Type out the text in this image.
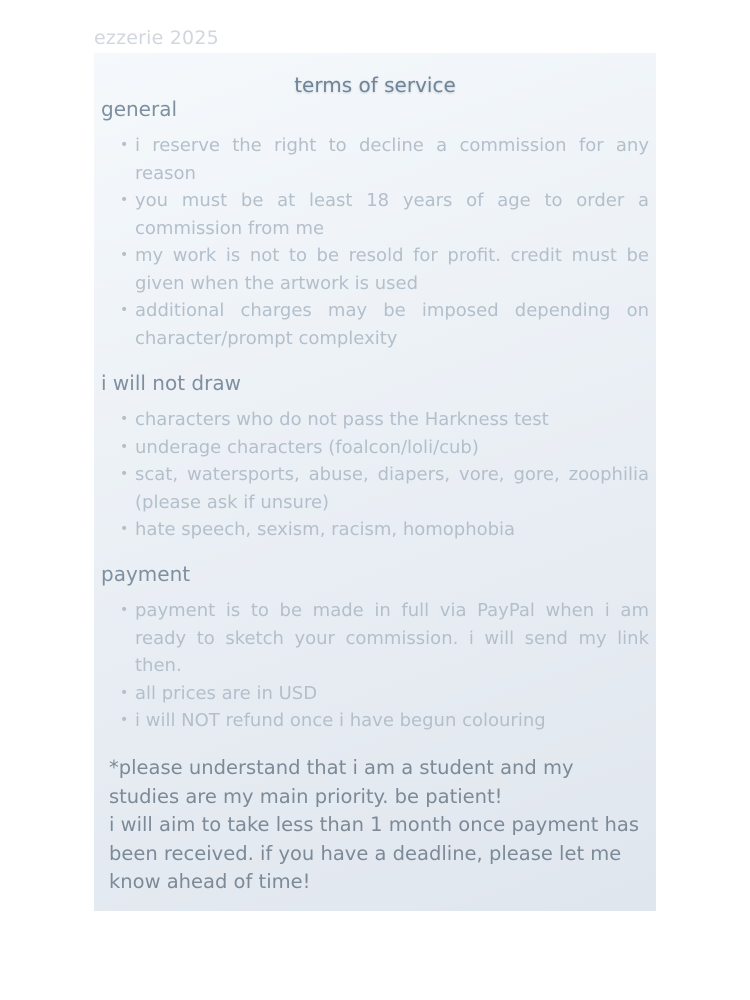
ezzerie 2025
terms of service
general
• i reserve the right to decline a commission for any reason
• you must be at least 18 years of age to order a commission from me
• my work is not to be resold for profit. credit must be given when the artwork is used
• additional charges may be imposed depending on character/prompt complexity
i will not draw
• characters who do not pass the Harkness test
• underage characters (foalcon/loli/cub)
• scat, watersports, abuse, diapers, vore, gore, zoophilia (please ask if unsure)
• hate speech, sexism, racism, homophobia
payment
• payment is to be made in full via PayPal when i am ready to sketch your commission. i will send my link then.
• all prices are in USD
• i will NOT refund once i have begun colouring

*please understand that i am a student and my studies are my main priority. be patient!

i will aim to take less than 1 month once payment has been received. if you have a deadline, please let me know ahead of time!
